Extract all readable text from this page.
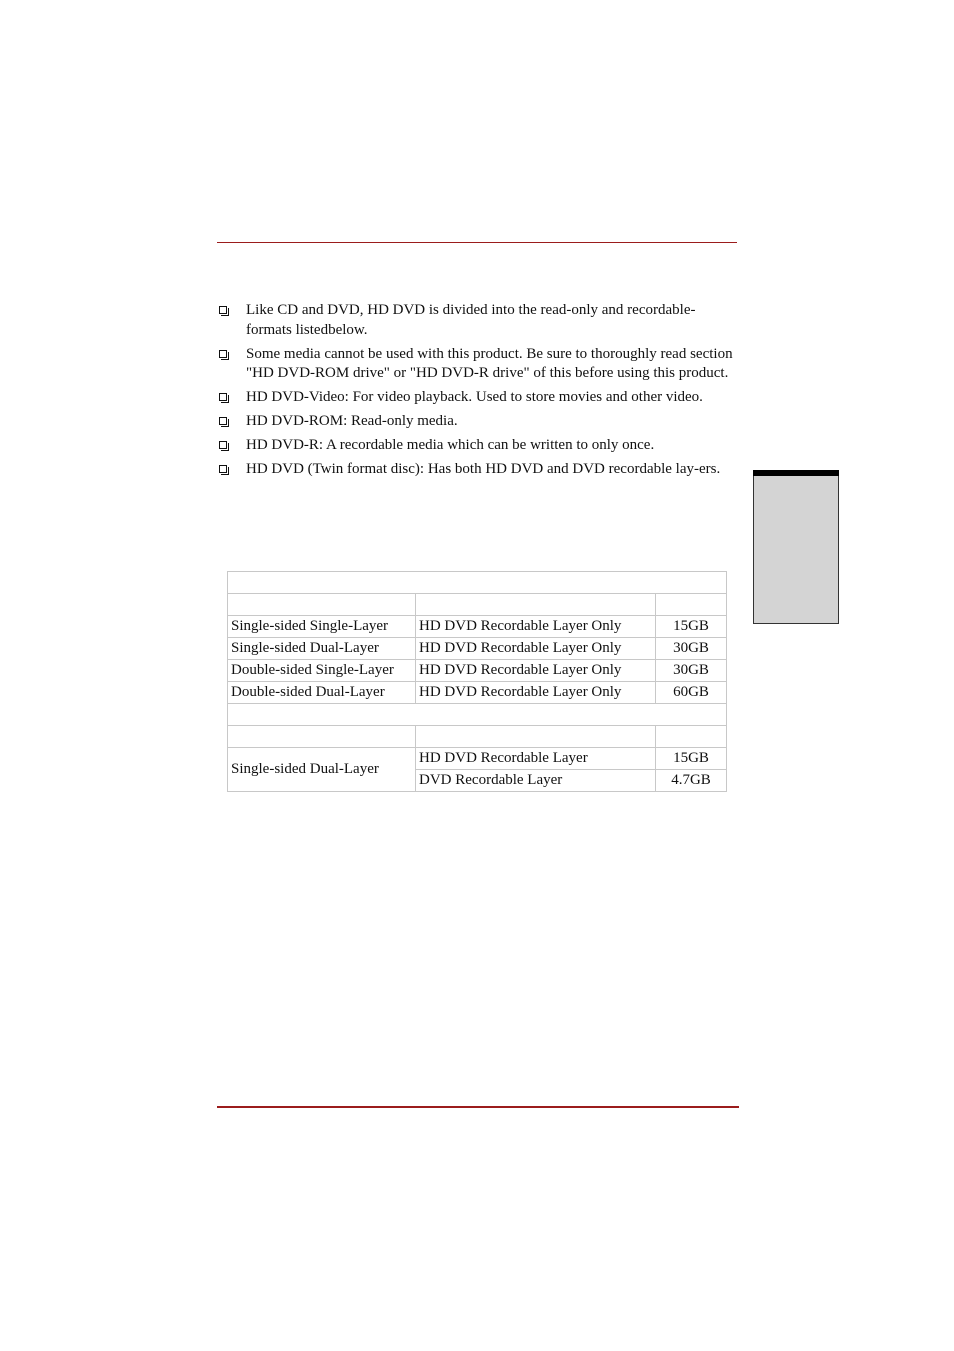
Like CD and DVD, HD DVD is divided into the read-only and recordable-formats listedbelow.
Some media cannot be used with this product. Be sure to thoroughly read section "HD DVD-ROM drive" or "HD DVD-R drive" of this before using this product.
HD DVD-Video: For video playback. Used to store movies and other video.
HD DVD-ROM: Read-only media.
HD DVD-R: A recordable media which can be written to only once.
HD DVD (Twin format disc): Has both HD DVD and DVD recordable lay-ers.

Single-sided Single-Layer	HD DVD Recordable Layer Only	15GB
Single-sided Dual-Layer	HD DVD Recordable Layer Only	30GB
Double-sided Single-Layer	HD DVD Recordable Layer Only	30GB
Double-sided Dual-Layer	HD DVD Recordable Layer Only	60GB

Single-sided Dual-Layer	HD DVD Recordable Layer	15GB
	DVD Recordable Layer	4.7GB
